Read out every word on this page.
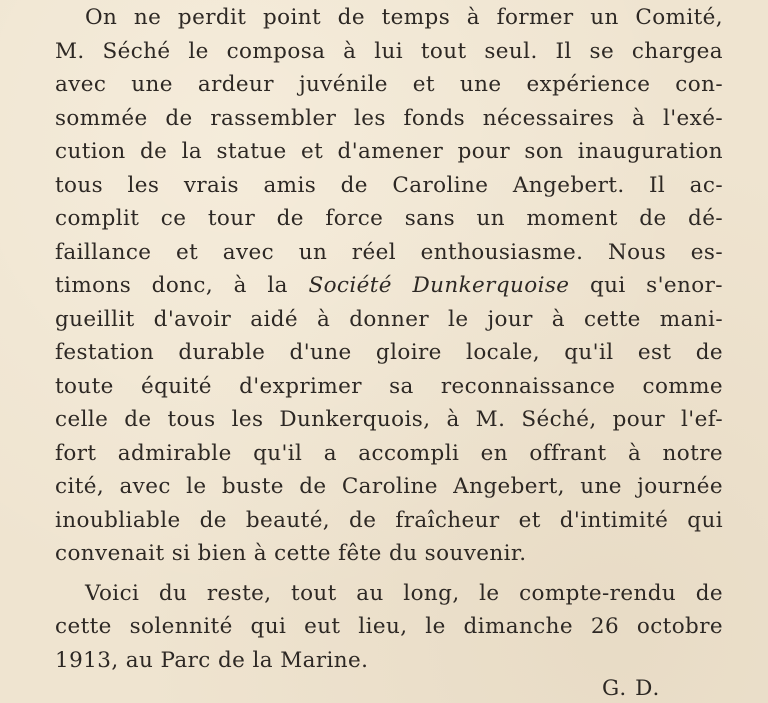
On ne perdit point de temps à former un Comité,
M. Séché le composa à lui tout seul. Il se chargea
avec une ardeur juvénile et une expérience con-
sommée de rassembler les fonds nécessaires à l'exé-
cution de la statue et d'amener pour son inauguration
tous les vrais amis de Caroline Angebert. Il ac-
complit ce tour de force sans un moment de dé-
faillance et avec un réel enthousiasme. Nous es-
timons donc, à la Société Dunkerquoise qui s'enor-
gueillit d'avoir aidé à donner le jour à cette mani-
festation durable d'une gloire locale, qu'il est de
toute équité d'exprimer sa reconnaissance comme
celle de tous les Dunkerquois, à M. Séché, pour l'ef-
fort admirable qu'il a accompli en offrant à notre
cité, avec le buste de Caroline Angebert, une journée
inoubliable de beauté, de fraîcheur et d'intimité qui
convenait si bien à cette fête du souvenir.
Voici du reste, tout au long, le compte-rendu de
cette solennité qui eut lieu, le dimanche 26 octobre
1913, au Parc de la Marine.
G. D.
